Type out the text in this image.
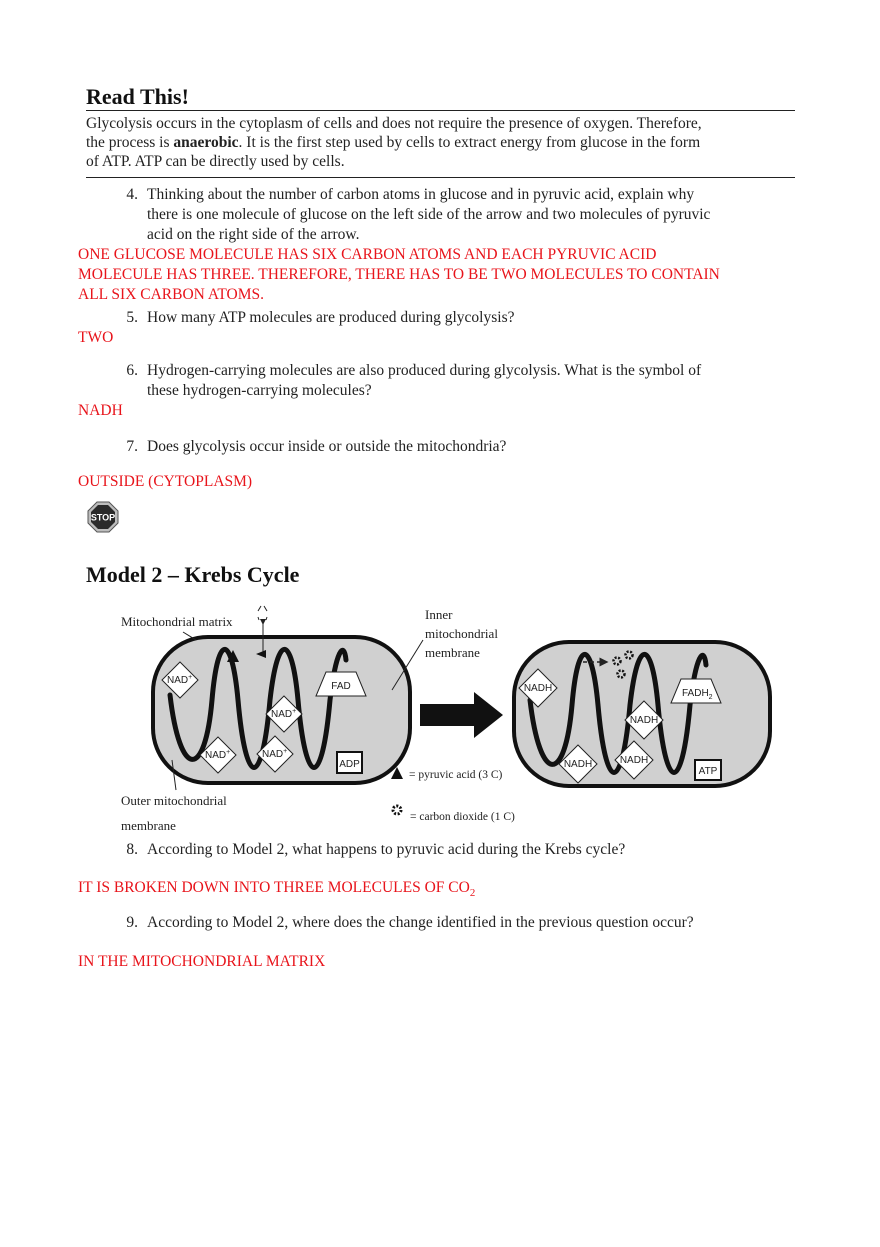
Read This!
Glycolysis occurs in the cytoplasm of cells and does not require the presence of oxygen. Therefore,
the process is anaerobic. It is the first step used by cells to extract energy from glucose in the form
of ATP. ATP can be directly used by cells.
4. Thinking about the number of carbon atoms in glucose and in pyruvic acid, explain why
there is one molecule of glucose on the left side of the arrow and two molecules of pyruvic
acid on the right side of the arrow.
ONE GLUCOSE MOLECULE HAS SIX CARBON ATOMS AND EACH PYRUVIC ACID
MOLECULE HAS THREE. THEREFORE, THERE HAS TO BE TWO MOLECULES TO CONTAIN
ALL SIX CARBON ATOMS.
5. How many ATP molecules are produced during glycolysis?
TWO
6. Hydrogen-carrying molecules are also produced during glycolysis. What is the symbol of
these hydrogen-carrying molecules?
NADH
7. Does glycolysis occur inside or outside the mitochondria?
OUTSIDE (CYTOPLASM)
STOP
Model 2 – Krebs Cycle
Mitochondrial matrix	Inner
mitochondrial
membrane
Outer mitochondrial
membrane
NAD+
NAD+
NAD+	NAD+
FAD
ADP
NADH
NADH
NADH	NADH
$FADH_2$
ATP
= pyruvic acid (3 C)
= carbon dioxide (1 C)
8. According to Model 2, what happens to pyruvic acid during the Krebs cycle?
IT IS BROKEN DOWN INTO THREE MOLECULES OF $CO_2$
9. According to Model 2, where does the change identified in the previous question occur?
IN THE MITOCHONDRIAL MATRIX
